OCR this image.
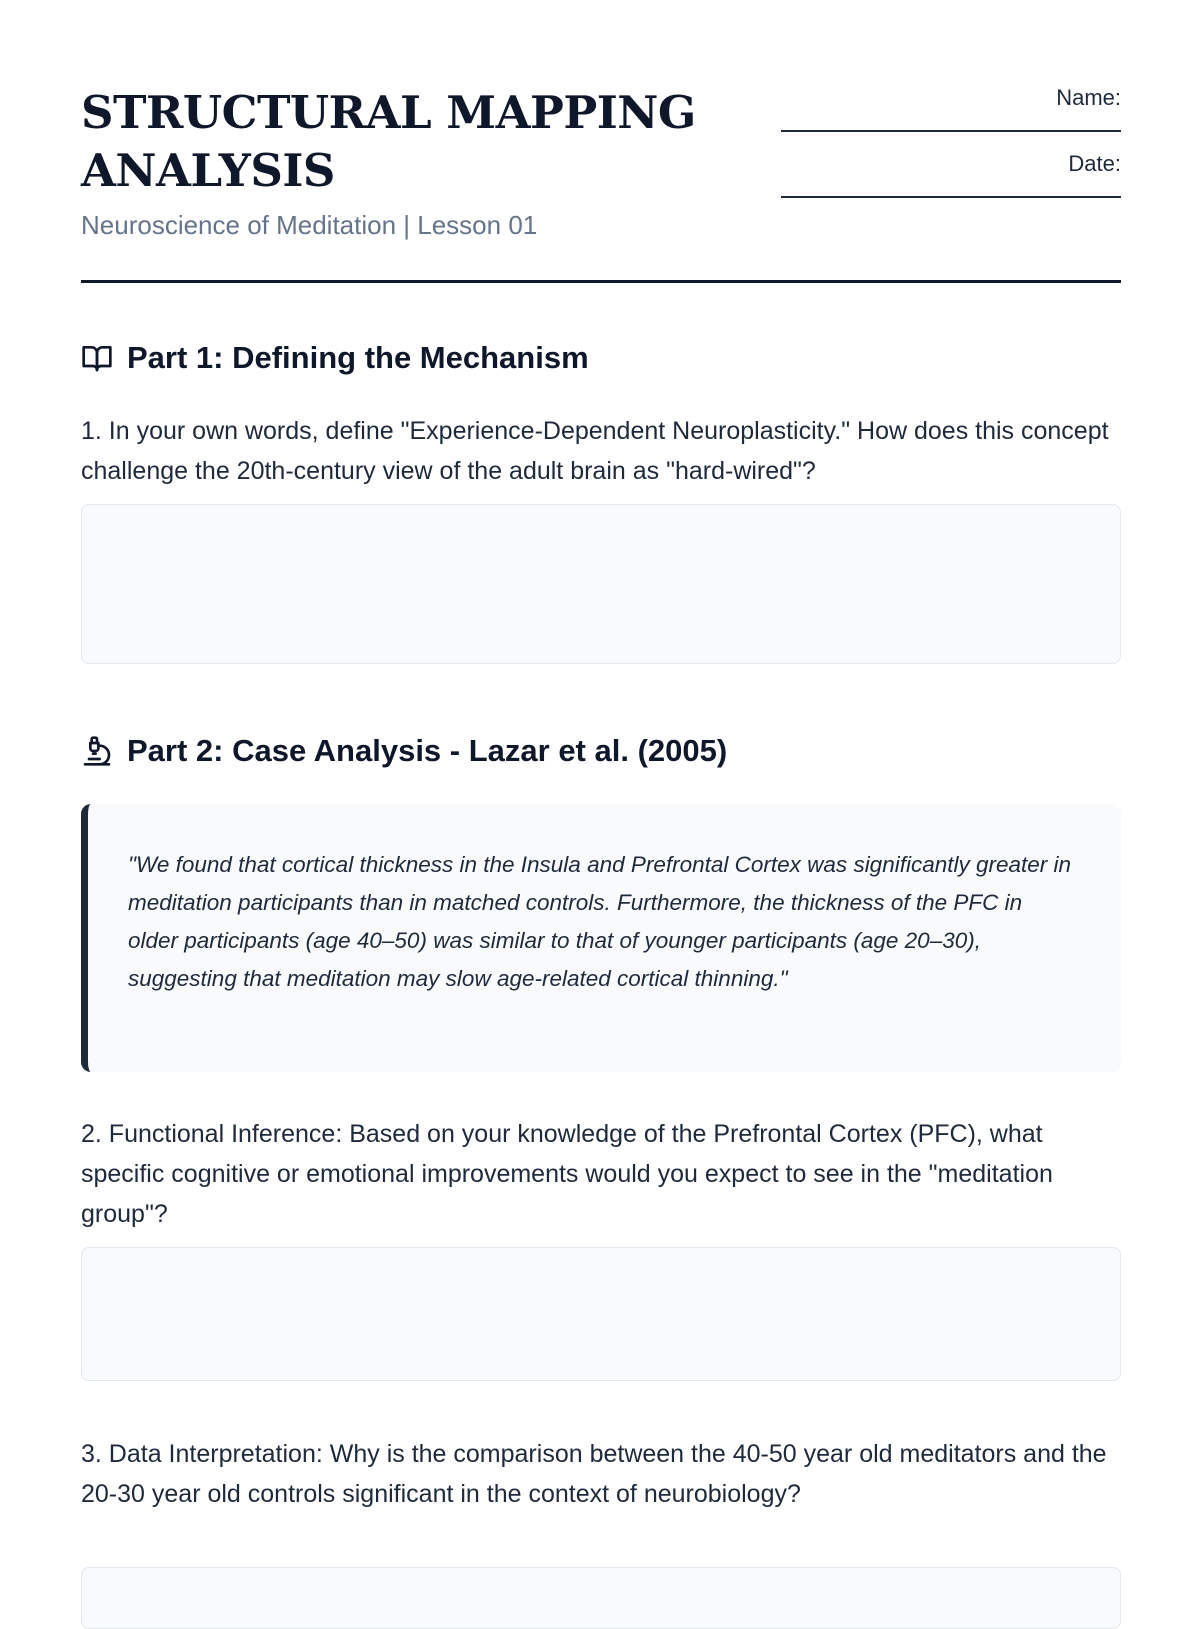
STRUCTURAL MAPPING ANALYSIS
Neuroscience of Meditation | Lesson 01
Name:
Date:
Part 1: Defining the Mechanism

1. In your own words, define "Experience-Dependent Neuroplasticity." How does this concept challenge the 20th-century view of the adult brain as "hard-wired"?

Part 2: Case Analysis - Lazar et al. (2005)
"We found that cortical thickness in the Insula and Prefrontal Cortex was significantly greater in meditation participants than in matched controls. Furthermore, the thickness of the PFC in older participants (age 40–50) was similar to that of younger participants (age 20–30), suggesting that meditation may slow age-related cortical thinning."

2. Functional Inference: Based on your knowledge of the Prefrontal Cortex (PFC), what specific cognitive or emotional improvements would you expect to see in the "meditation group"?

3. Data Interpretation: Why is the comparison between the 40-50 year old meditators and the 20-30 year old controls significant in the context of neurobiology?
